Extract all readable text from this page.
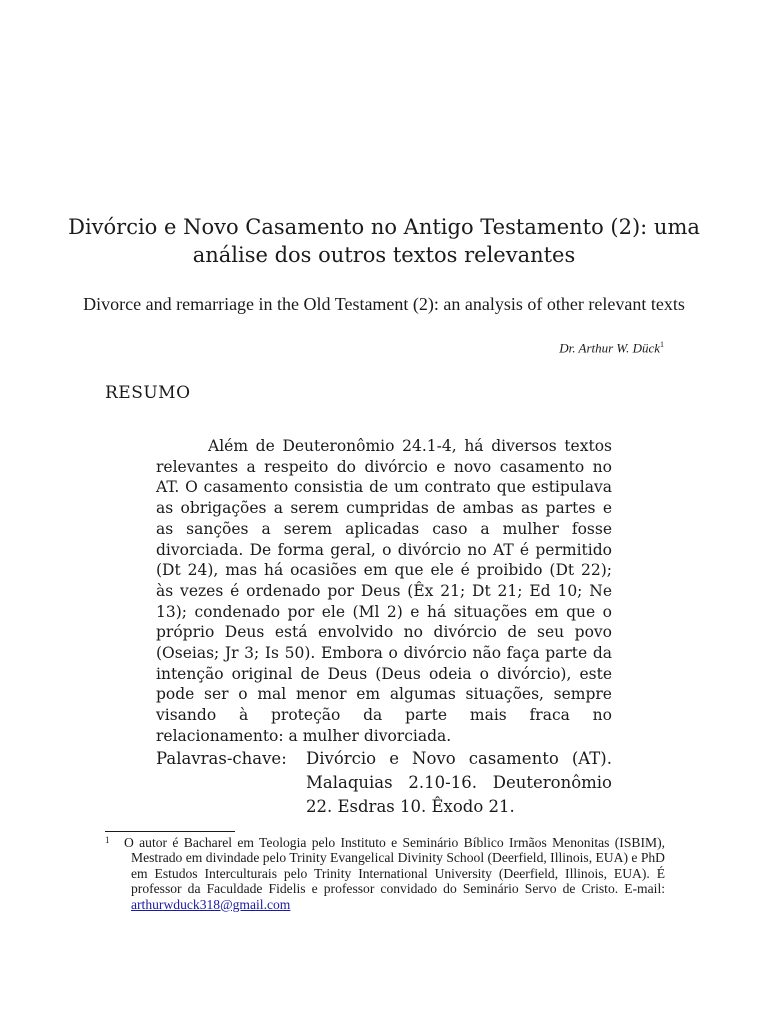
Divórcio e Novo Casamento no Antigo Testamento (2): uma análise dos outros textos relevantes

Divorce and remarriage in the Old Testament (2): an analysis of other relevant texts

Dr. Arthur W. Dück$^1$
RESUMO

Além de Deuteronômio 24.1-4, há diversos textos relevantes a respeito do divórcio e novo casamento no AT. O casamento consistia de um contrato que estipulava as obrigações a serem cumpridas de ambas as partes e as sanções a serem aplicadas caso a mulher fosse divorciada. De forma geral, o divórcio no AT é permitido (Dt 24), mas há ocasiões em que ele é proibido (Dt 22); às vezes é ordenado por Deus (Êx 21; Dt 21; Ed 10; Ne 13); condenado por ele (Ml 2) e há situações em que o próprio Deus está envolvido no divórcio de seu povo (Oseias; Jr 3; Is 50). Embora o divórcio não faça parte da intenção original de Deus (Deus odeia o divórcio), este pode ser o mal menor em algumas situações, sempre visando à proteção da parte mais fraca no relacionamento: a mulher divorciada.

Palavras-chave: Divórcio e Novo casamento (AT). Malaquias 2.10-16. Deuteronômio 22. Esdras 10. Êxodo 21.
1	O autor é Bacharel em Teologia pelo Instituto e Seminário Bíblico Irmãos Menonitas (ISBIM), Mestrado em divindade pelo Trinity Evangelical Divinity School (Deerfield, Illinois, EUA) e PhD em Estudos Interculturais pelo Trinity International University (Deerfield, Illinois, EUA). É professor da Faculdade Fidelis e professor convidado do Seminário Servo de Cristo. E-mail: arthurwduck318@gmail.com
